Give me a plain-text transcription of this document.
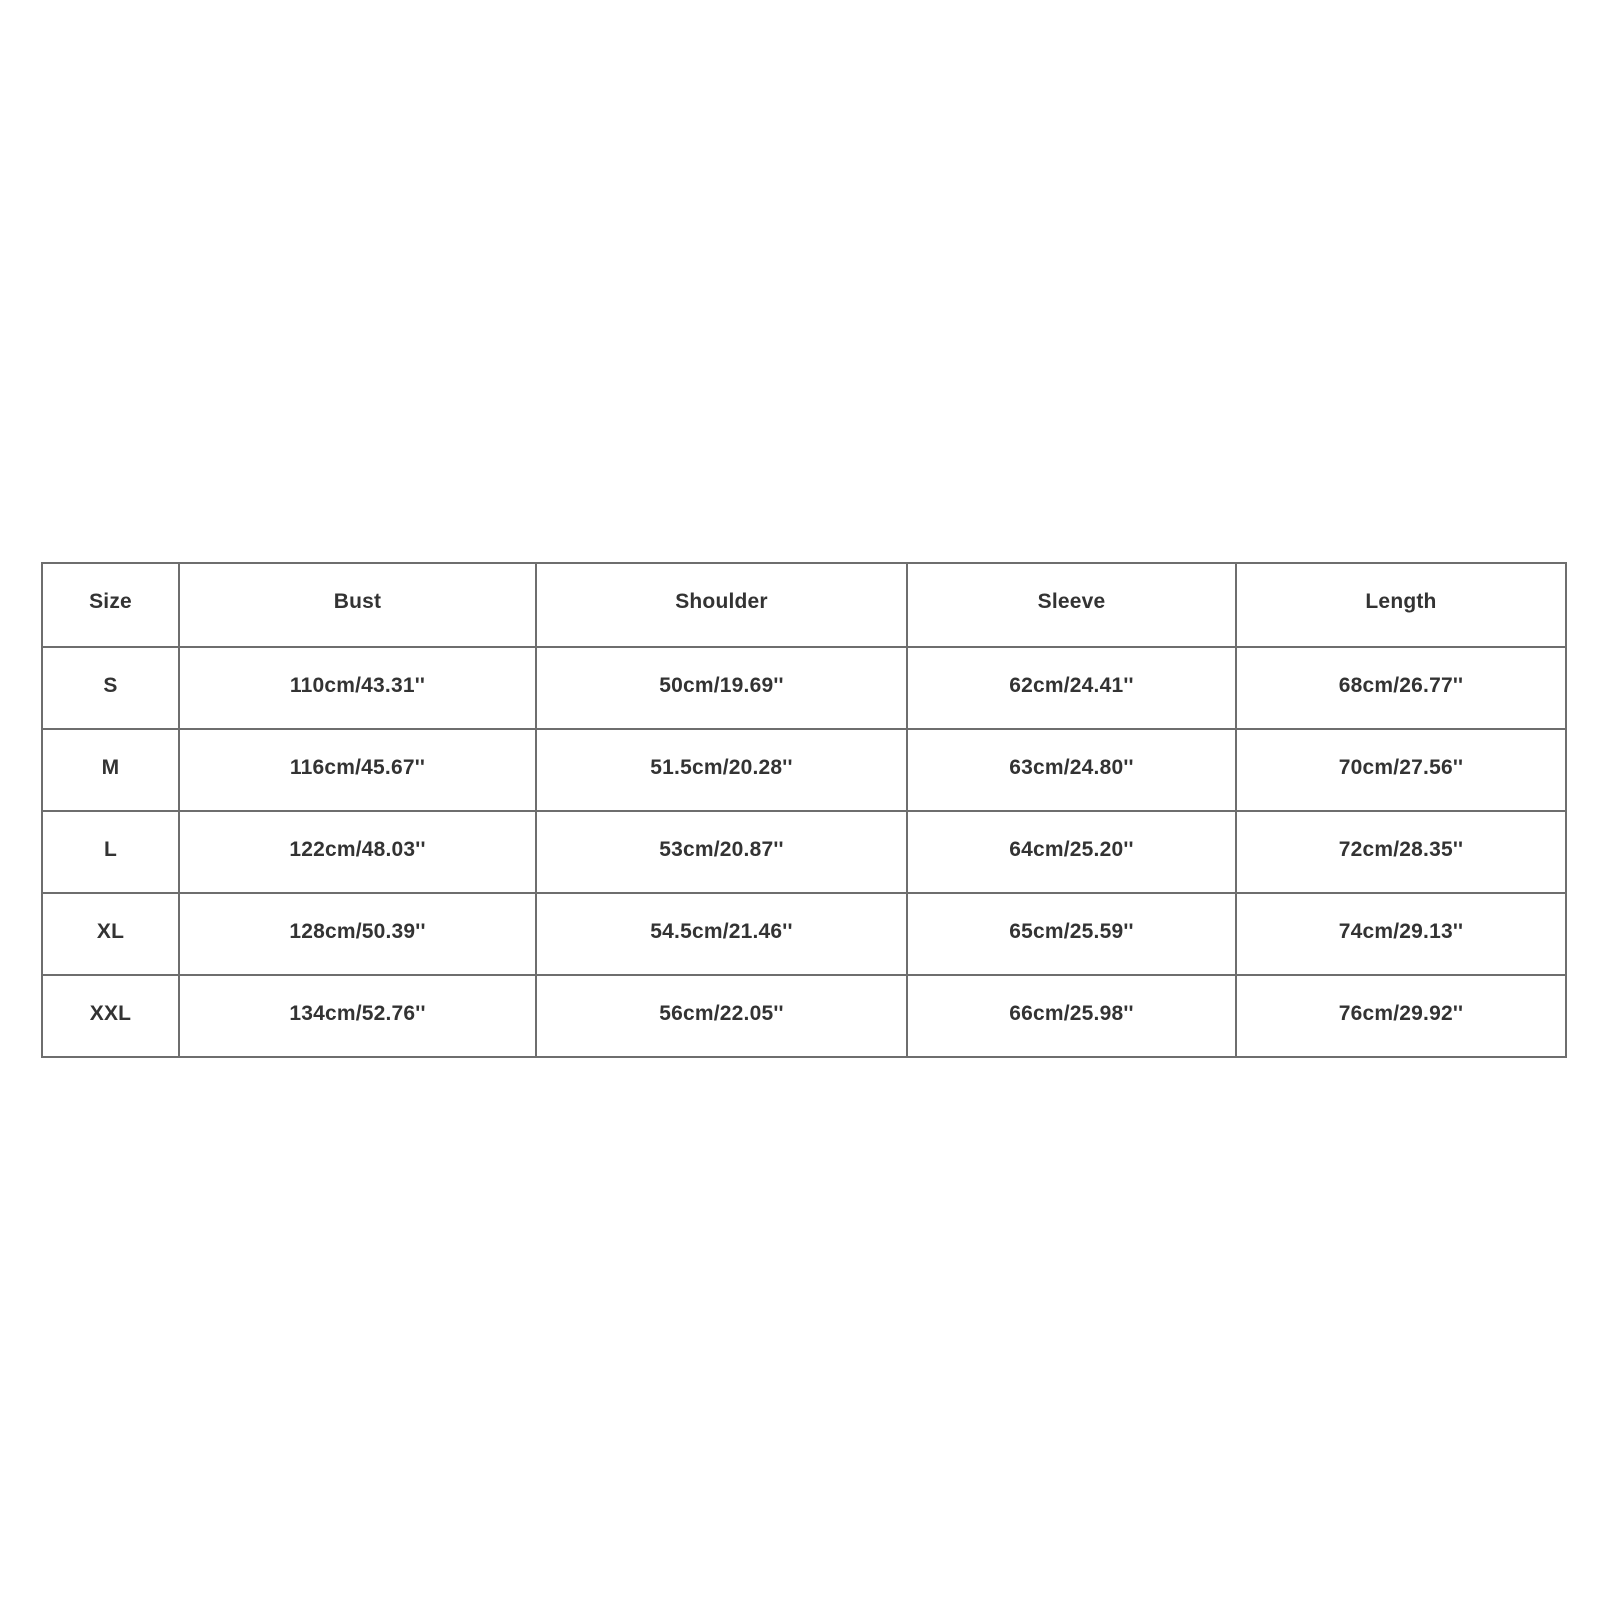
Size	Bust	Shoulder	Sleeve	Length
S	110cm/43.31''	50cm/19.69''	62cm/24.41''	68cm/26.77''
M	116cm/45.67''	51.5cm/20.28''	63cm/24.80''	70cm/27.56''
L	122cm/48.03''	53cm/20.87''	64cm/25.20''	72cm/28.35''
XL	128cm/50.39''	54.5cm/21.46''	65cm/25.59''	74cm/29.13''
XXL	134cm/52.76''	56cm/22.05''	66cm/25.98''	76cm/29.92''
